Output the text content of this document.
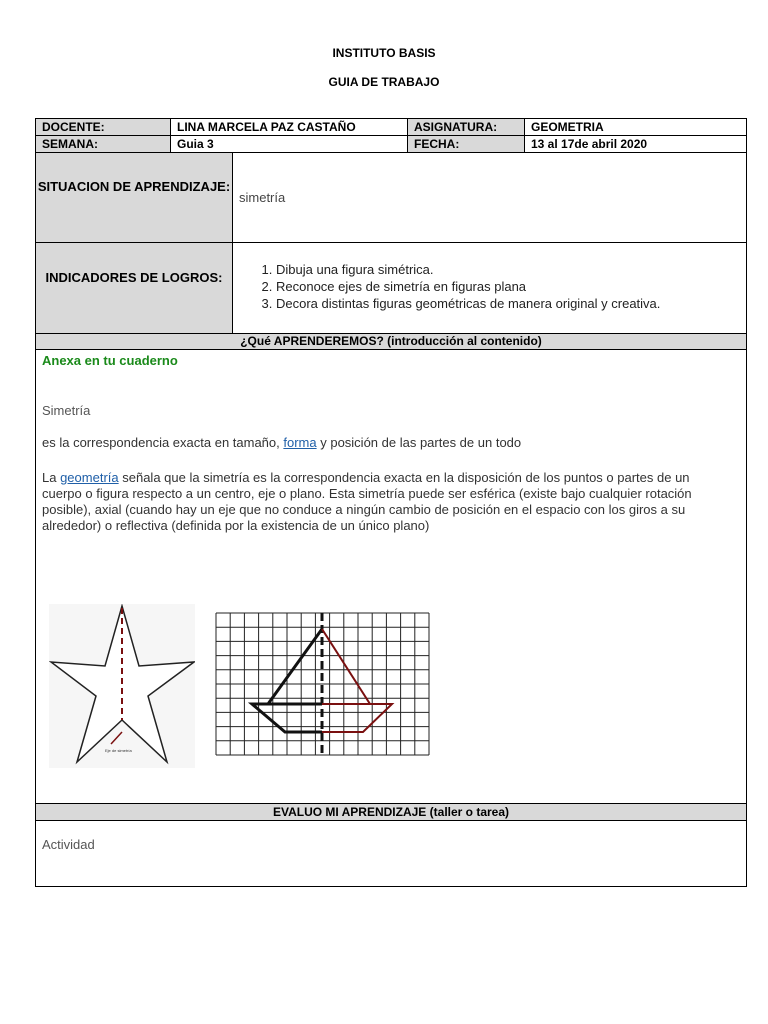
INSTITUTO BASIS
GUIA DE TRABAJO
DOCENTE:	LINA MARCELA PAZ CASTAÑO	ASIGNATURA:	GEOMETRIA
SEMANA:	Guia 3	FECHA:	13 al 17de abril 2020
SITUACION DE APRENDIZAJE:
simetría
INDICADORES DE LOGROS:
1. Dibuja una figura simétrica.
2. Reconoce ejes de simetría en figuras plana
3. Decora distintas figuras geométricas de manera original y creativa.
¿Qué APRENDEREMOS? (introducción al contenido)
Anexa en tu cuaderno
Simetría
es la correspondencia exacta en tamaño, forma y posición de las partes de un todo
La geometría señala que la simetría es la correspondencia exacta en la disposición de los puntos o partes de un cuerpo o figura respecto a un centro, eje o plano. Esta simetría puede ser esférica (existe bajo cualquier rotación posible), axial (cuando hay un eje que no conduce a ningún cambio de posición en el espacio con los giros a su alrededor) o reflectiva (definida por la existencia de un único plano)
Eje de simetría
EVALUO MI APRENDIZAJE (taller o tarea)
Actividad
